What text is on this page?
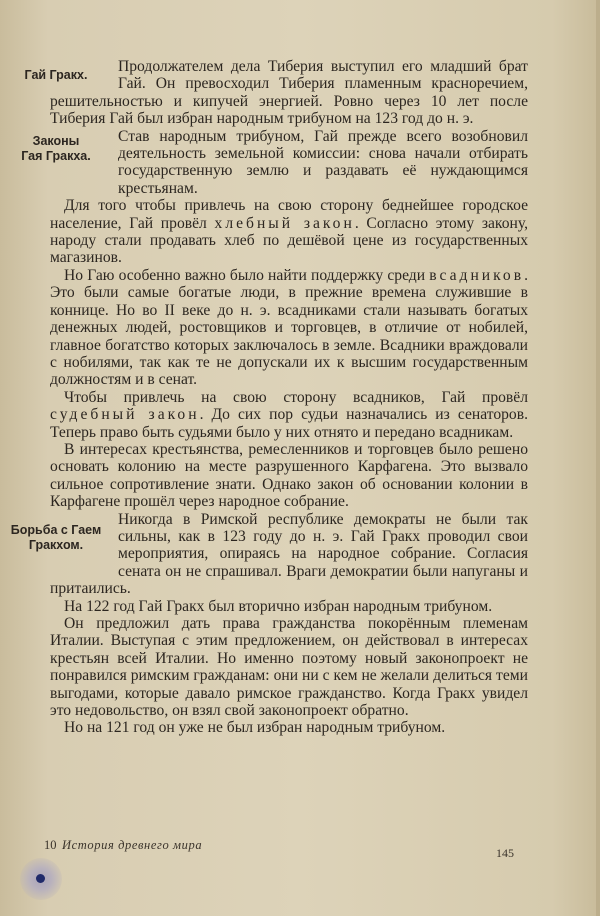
Гай Гракх.	Продолжателем дела Тиберия выступил его младший брат Гай. Он превосходил Тиберия пламенным красноречием, решительностью и кипучей энергией. Ровно через 10 лет после Тиберия Гай был избран народным трибуном на 123 год до н. э.

Законы
Гая Гракха.
Став народным трибуном, Гай прежде всего возобновил деятельность земельной комиссии: снова начали отбирать государственную землю и раздавать её нуждающимся крестьянам.

Для того чтобы привлечь на свою сторону беднейшее городское население, Гай провёл хлебный закон. Согласно этому закону, народу стали продавать хлеб по дешёвой цене из государственных магазинов.

Но Гаю особенно важно было найти поддержку среди всадников. Это были самые богатые люди, в прежние времена служившие в коннице. Но во II веке до н. э. всадниками стали называть богатых денежных людей, ростовщиков и торговцев, в отличие от нобилей, главное богатство которых заключалось в земле. Всадники враждовали с нобилями, так как те не допускали их к высшим государственным должностям и в сенат.

Чтобы привлечь на свою сторону всадников, Гай провёл судебный закон. До сих пор судьи назначались из сенаторов. Теперь право быть судьями было у них отнято и передано всадникам.

В интересах крестьянства, ремесленников и торговцев было решено основать колонию на месте разрушенного Карфагена. Это вызвало сильное сопротивление знати. Однако закон об основании колонии в Карфагене прошёл через народное собрание.

Борьба с Гаем
Гракхом.
Никогда в Римской республике демократы не были так сильны, как в 123 году до н. э. Гай Гракх проводил свои мероприятия, опираясь на народное собрание. Согласия сената он не спрашивал. Враги демократии были напуганы и притаились.

На 122 год Гай Гракх был вторично избран народным трибуном.

Он предложил дать права гражданства покорённым племенам Италии. Выступая с этим предложением, он действовал в интересах крестьян всей Италии. Но именно поэтому новый законопроект не понравился римским гражданам: они ни с кем не желали делиться теми выгодами, которые давало римское гражданство. Когда Гракх увидел это недовольство, он взял свой законопроект обратно.

Но на 121 год он уже не был избран народным трибуном.

10 История древнего мира
145
